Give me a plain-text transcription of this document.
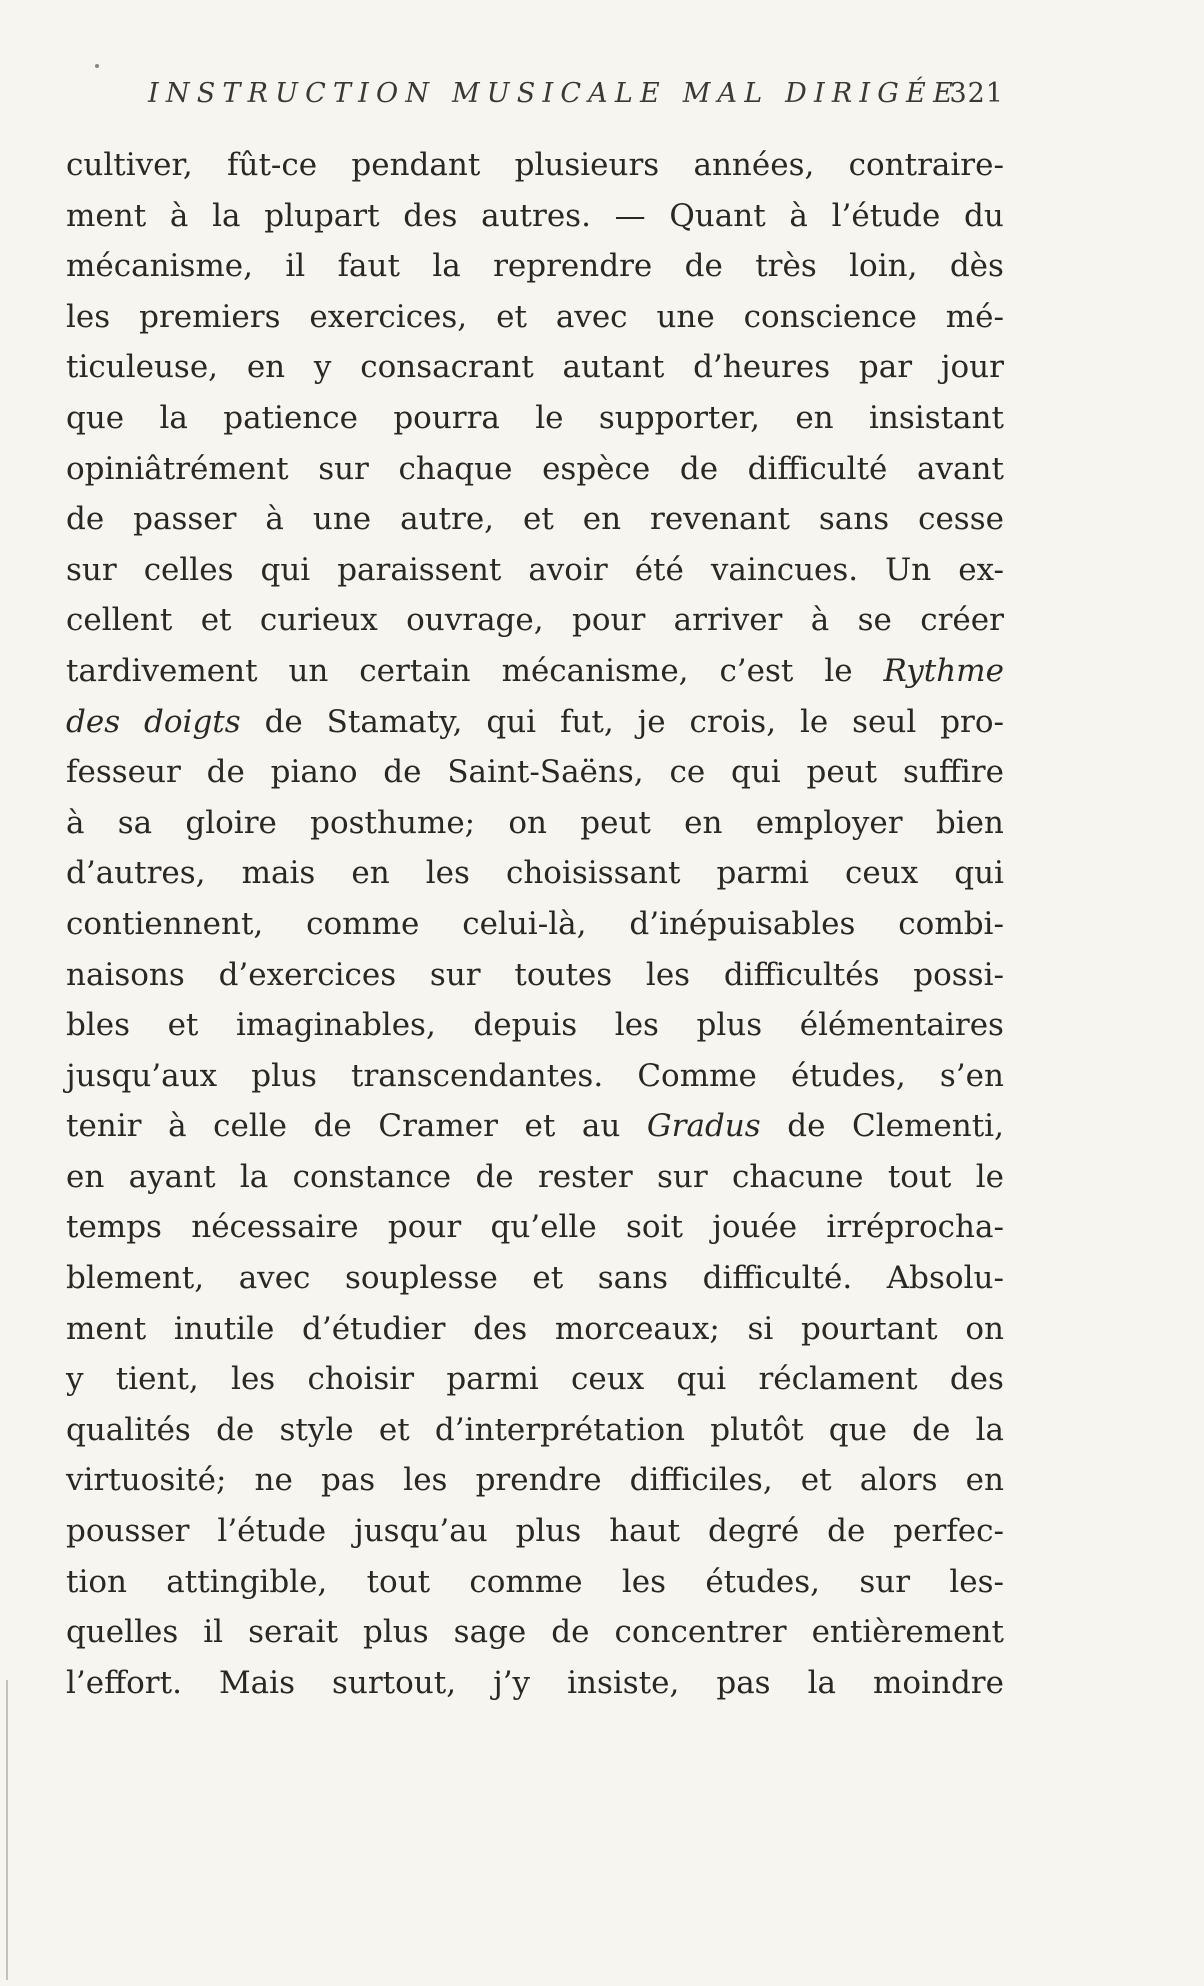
INSTRUCTION MUSICALE MAL DIRIGÉE
321
cultiver, fût-ce pendant plusieurs années, contraire-
ment à la plupart des autres. — Quant à l’étude du
mécanisme, il faut la reprendre de très loin, dès
les premiers exercices, et avec une conscience mé-
ticuleuse, en y consacrant autant d’heures par jour
que la patience pourra le supporter, en insistant
opiniâtrément sur chaque espèce de difficulté avant
de passer à une autre, et en revenant sans cesse
sur celles qui paraissent avoir été vaincues. Un ex-
cellent et curieux ouvrage, pour arriver à se créer
tardivement un certain mécanisme, c’est le Rythme
des doigts de Stamaty, qui fut, je crois, le seul pro-
fesseur de piano de Saint-Saëns, ce qui peut suffire
à sa gloire posthume; on peut en employer bien
d’autres, mais en les choisissant parmi ceux qui
contiennent, comme celui-là, d’inépuisables combi-
naisons d’exercices sur toutes les difficultés possi-
bles et imaginables, depuis les plus élémentaires
jusqu’aux plus transcendantes. Comme études, s’en
tenir à celle de Cramer et au Gradus de Clementi,
en ayant la constance de rester sur chacune tout le
temps nécessaire pour qu’elle soit jouée irréprocha-
blement, avec souplesse et sans difficulté. Absolu-
ment inutile d’étudier des morceaux; si pourtant on
y tient, les choisir parmi ceux qui réclament des
qualités de style et d’interprétation plutôt que de la
virtuosité; ne pas les prendre difficiles, et alors en
pousser l’étude jusqu’au plus haut degré de perfec-
tion attingible, tout comme les études, sur les-
quelles il serait plus sage de concentrer entièrement
l’effort. Mais surtout, j’y insiste, pas la moindre
